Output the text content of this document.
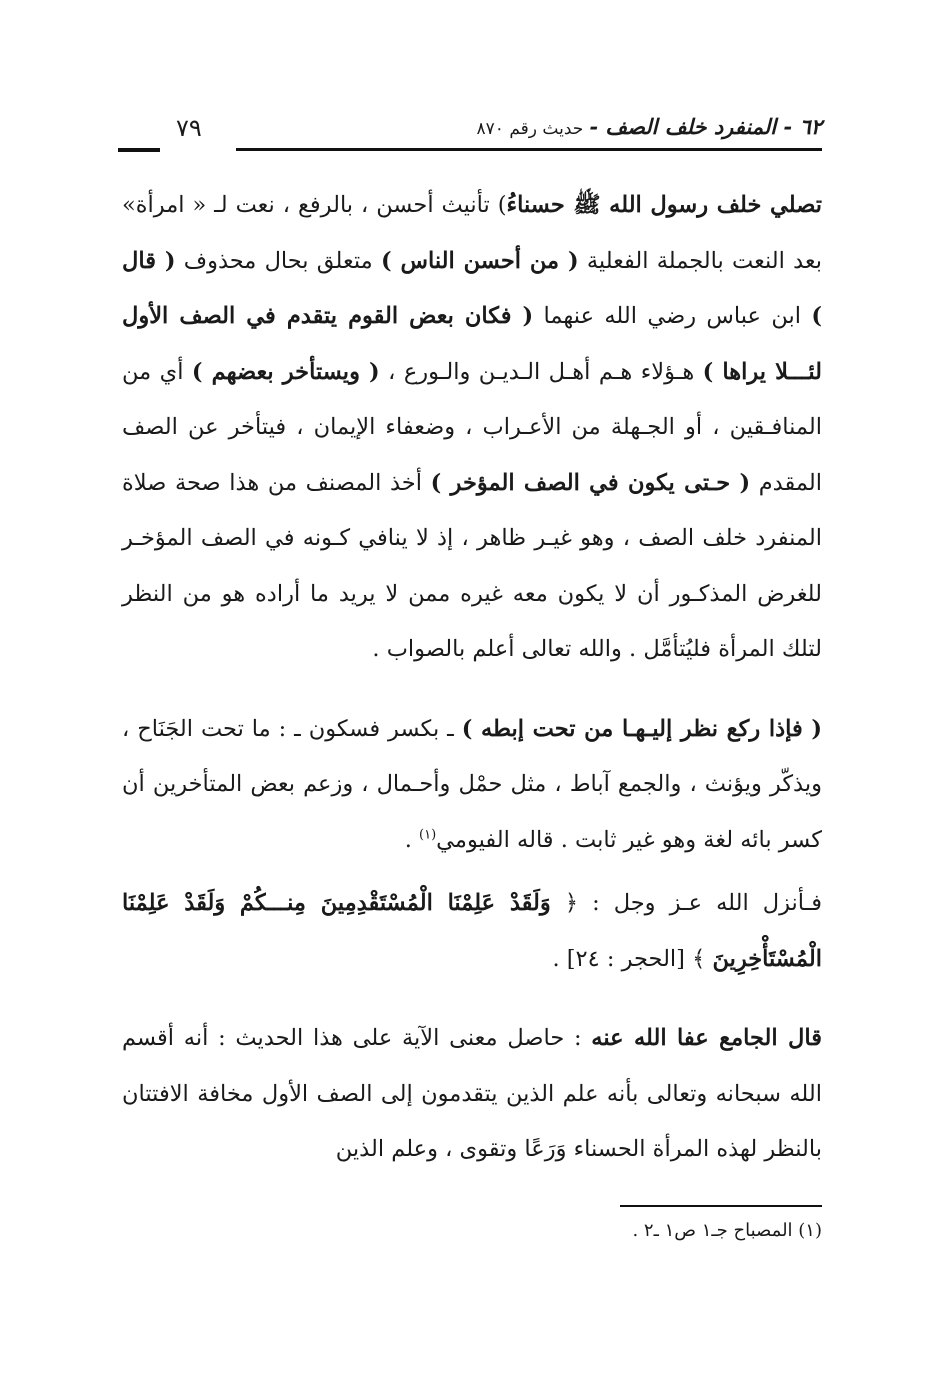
٧٩	٦٢ - المنفرد خلف الصف - حديث رقم ٨٧٠

تصلي خلف رسول الله ﷺ حسناءُ) تأنيث أحسن ، بالرفع ، نعت لـ « امرأة» بعد النعت بالجملة الفعلية ( من أحسن الناس ) متعلق بحال محذوف ( قال ) ابن عباس رضي الله عنهما ( فكان بعض القوم يتقدم في الصف الأول لئـــلا يراها ) هـؤلاء هـم أهـل الـديـن والـورع ، ( ويستأخر بعضهم ) أي من المنافـقين ، أو الجـهلة من الأعـراب ، وضعفاء الإيمان ، فيتأخر عن الصف المقدم ( حـتى يكون في الصف المؤخر ) أخذ المصنف من هذا صحة صلاة المنفرد خلف الصف ، وهو غيـر ظاهر ، إذ لا ينافي كـونه في الصف المؤخـر للغرض المذكـور أن لا يكون معه غيره ممن لا يريد ما أراده هو من النظر لتلك المرأة فليُتأمَّل . والله تعالى أعلم بالصواب .

( فإذا ركع نظر إليـهـا من تحت إبطه ) ـ بكسر فسكون ـ : ما تحت الجَنَاح ، ويذكّر ويؤنث ، والجمع آباط ، مثل حمْل وأحـمال ، وزعم بعض المتأخرين أن كسر بائه لغة وهو غير ثابت . قاله الفيومي$^{(١)}$ .

فـأنزل الله عـز وجل : ﴿ وَلَقَدْ عَلِمْنَا الْمُسْتَقْدِمِينَ مِنـــكُمْ وَلَقَدْ عَلِمْنَا الْمُسْتَأْخِرِينَ ﴾ [الحجر : ٢٤] .

قال الجامع عفا الله عنه : حاصل معنى الآية على هذا الحديث : أنه أقسم الله سبحانه وتعالى بأنه علم الذين يتقدمون إلى الصف الأول مخافة الافتتان بالنظر لهذه المرأة الحسناء وَرَعًا وتقوى ، وعلم الذين

(١) المصباح جـ١ ص١ ـ٢ .
